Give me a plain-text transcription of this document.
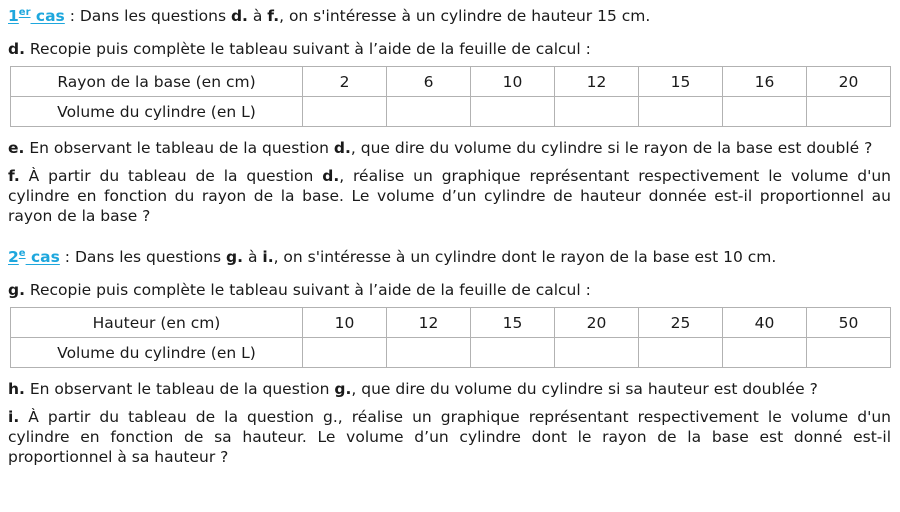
1er cas : Dans les questions d. à f., on s'intéresse à un cylindre de hauteur 15 cm.

d. Recopie puis complète le tableau suivant à l’aide de la feuille de calcul :

Rayon de la base (en cm)	2	6	10	12	15	16	20
Volume du cylindre (en L)							

e. En observant le tableau de la question d., que dire du volume du cylindre si le rayon de la base est doublé ?

f. À partir du tableau de la question d., réalise un graphique représentant respectivement le volume d'un cylindre en fonction du rayon de la base. Le volume d’un cylindre de hauteur donnée est-il proportionnel au rayon de la base ?

2e cas : Dans les questions g. à i., on s'intéresse à un cylindre dont le rayon de la base est 10 cm.

g. Recopie puis complète le tableau suivant à l’aide de la feuille de calcul :

Hauteur (en cm)	10	12	15	20	25	40	50
Volume du cylindre (en L)							

h. En observant le tableau de la question g., que dire du volume du cylindre si sa hauteur est doublée ?

i. À partir du tableau de la question g., réalise un graphique représentant respectivement le volume d'un cylindre en fonction de sa hauteur. Le volume d’un cylindre dont le rayon de la base est donné est-il proportionnel à sa hauteur ?
